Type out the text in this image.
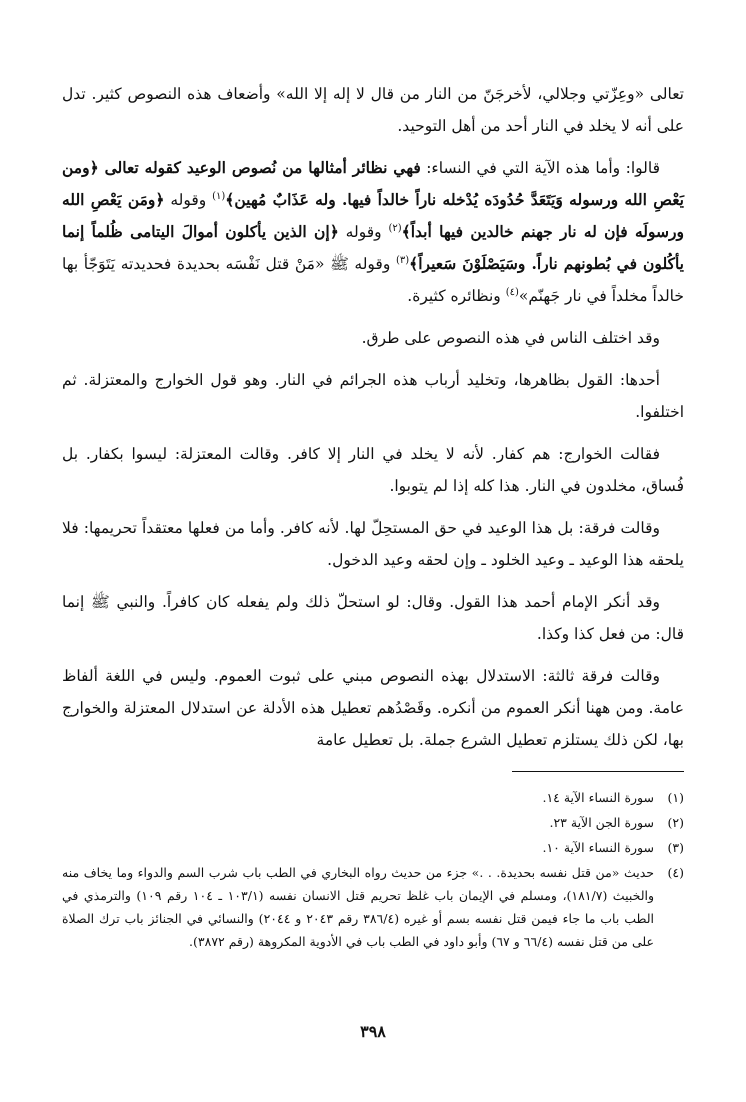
تعالى «وعِزّتي وجلالي، لأخرجَنّ من النار من قال لا إله إلا الله» وأضعاف هذه النصوص كثير. تدل على أنه لا يخلد في النار أحد من أهل التوحيد.

قالوا: وأما هذه الآية التي في النساء: فهي نظائر أمثالها من نُصوص الوعيد كقوله تعالى ﴿ومن يَعْصِ الله ورسوله وَيَتَعَدَّ حُدُودَه يُدْخله ناراً خالداً فيها. وله عَذَابٌ مُهين﴾$^{(١)}$ وقوله ﴿ومَن يَعْصِ الله ورسولَه فإن له نار جهنم خالدين فيها أبداً﴾$^{(٢)}$ وقوله ﴿إن الذين يأكلون أموالَ اليتامى ظُلماً إنما يأكُلون في بُطونهم ناراً. وسَيَصْلَوْنَ سَعيراً﴾$^{(٣)}$ وقوله ﷺ «مَنْ قتل نَفْسَه بحديدة فحديدته يَتَوَجّأ بها خالداً مخلداً في نار جَهنّم»$^{(٤)}$ ونظائره كثيرة.

وقد اختلف الناس في هذه النصوص على طرق.

أحدها: القول بظاهرها، وتخليد أرباب هذه الجرائم في النار. وهو قول الخوارج والمعتزلة. ثم اختلفوا.

فقالت الخوارج: هم كفار. لأنه لا يخلد في النار إلا كافر. وقالت المعتزلة: ليسوا بكفار. بل فُساق، مخلدون في النار. هذا كله إذا لم يتوبوا.

وقالت فرقة: بل هذا الوعيد في حق المستحِلّ لها. لأنه كافر. وأما من فعلها معتقداً تحريمها: فلا يلحقه هذا الوعيد ـ وعيد الخلود ـ وإن لحقه وعيد الدخول.

وقد أنكر الإمام أحمد هذا القول. وقال: لو استحلّ ذلك ولم يفعله كان كافراً. والنبي ﷺ إنما قال: من فعل كذا وكذا.

وقالت فرقة ثالثة: الاستدلال بهذه النصوص مبني على ثبوت العموم. وليس في اللغة ألفاظ عامة. ومن ههنا أنكر العموم من أنكره. وقَصْدُهم تعطيل هذه الأدلة عن استدلال المعتزلة والخوارج بها، لكن ذلك يستلزم تعطيل الشرع جملة. بل تعطيل عامة

(١)
سورة النساء الآية ١٤.
(٢)
سورة الجن الآية ٢٣.
(٣)
سورة النساء الآية ١٠.
(٤)
حديث «من قتل نفسه بحديدة. . .» جزء من حديث رواه البخاري في الطب باب شرب السم والدواء وما يخاف منه والخبيث (١٨١/٧)، ومسلم في الإيمان باب غلظ تحريم قتل الانسان نفسه (١٠٣/١ ـ ١٠٤ رقم ١٠٩) والترمذي في الطب باب ما جاء فيمن قتل نفسه بسم أو غيره (٣٨٦/٤ رقم ٢٠٤٣ و ٢٠٤٤) والنسائي في الجنائز باب ترك الصلاة على من قتل نفسه (٦٦/٤ و ٦٧) وأبو داود في الطب باب في الأدوية المكروهة (رقم ٣٨٧٢).
٣٩٨
